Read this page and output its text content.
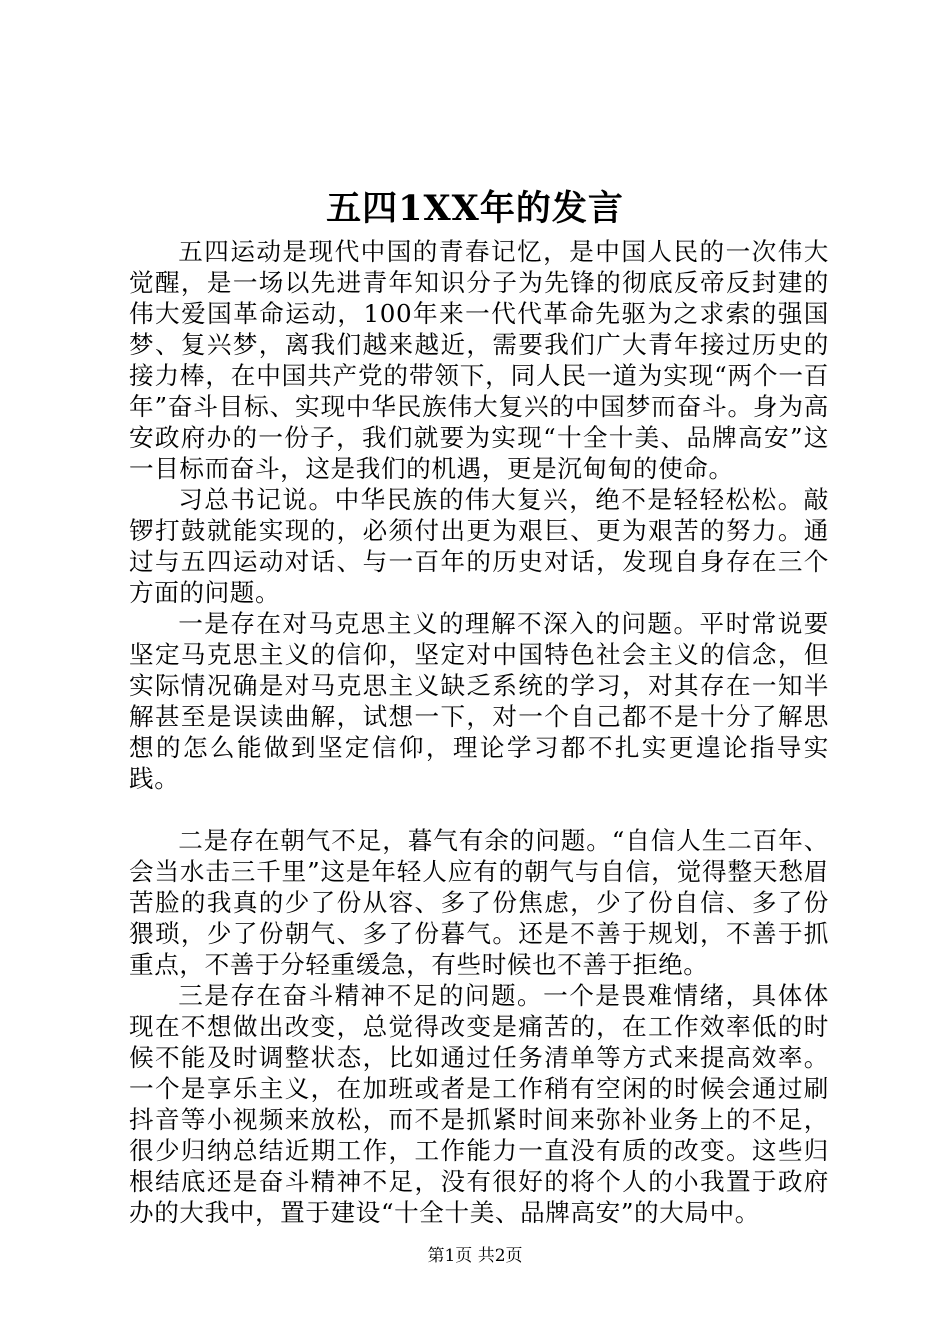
五四1XX年的发言

五四运动是现代中国的青春记忆，是中国人民的一次伟大觉醒，是一场以先进青年知识分子为先锋的彻底反帝反封建的伟大爱国革命运动，100年来一代代革命先驱为之求索的强国梦、复兴梦，离我们越来越近，需要我们广大青年接过历史的接力棒，在中国共产党的带领下，同人民一道为实现“两个一百年”奋斗目标、实现中华民族伟大复兴的中国梦而奋斗。身为高安政府办的一份子，我们就要为实现“十全十美、品牌高安”这一目标而奋斗，这是我们的机遇，更是沉甸甸的使命。

习总书记说。中华民族的伟大复兴，绝不是轻轻松松。敲锣打鼓就能实现的，必须付出更为艰巨、更为艰苦的努力。通过与五四运动对话、与一百年的历史对话，发现自身存在三个方面的问题。

一是存在对马克思主义的理解不深入的问题。平时常说要坚定马克思主义的信仰，坚定对中国特色社会主义的信念，但实际情况确是对马克思主义缺乏系统的学习，对其存在一知半解甚至是误读曲解，试想一下，对一个自己都不是十分了解思想的怎么能做到坚定信仰，理论学习都不扎实更遑论指导实践。

二是存在朝气不足，暮气有余的问题。“自信人生二百年、会当水击三千里”这是年轻人应有的朝气与自信，觉得整天愁眉苦脸的我真的少了份从容、多了份焦虑，少了份自信、多了份猥琐，少了份朝气、多了份暮气。还是不善于规划，不善于抓重点，不善于分轻重缓急，有些时候也不善于拒绝。

三是存在奋斗精神不足的问题。一个是畏难情绪，具体体现在不想做出改变，总觉得改变是痛苦的，在工作效率低的时候不能及时调整状态，比如通过任务清单等方式来提高效率。一个是享乐主义，在加班或者是工作稍有空闲的时候会通过刷抖音等小视频来放松，而不是抓紧时间来弥补业务上的不足，很少归纳总结近期工作，工作能力一直没有质的改变。这些归根结底还是奋斗精神不足，没有很好的将个人的小我置于政府办的大我中，置于建设“十全十美、品牌高安”的大局中。

第1页 共2页
